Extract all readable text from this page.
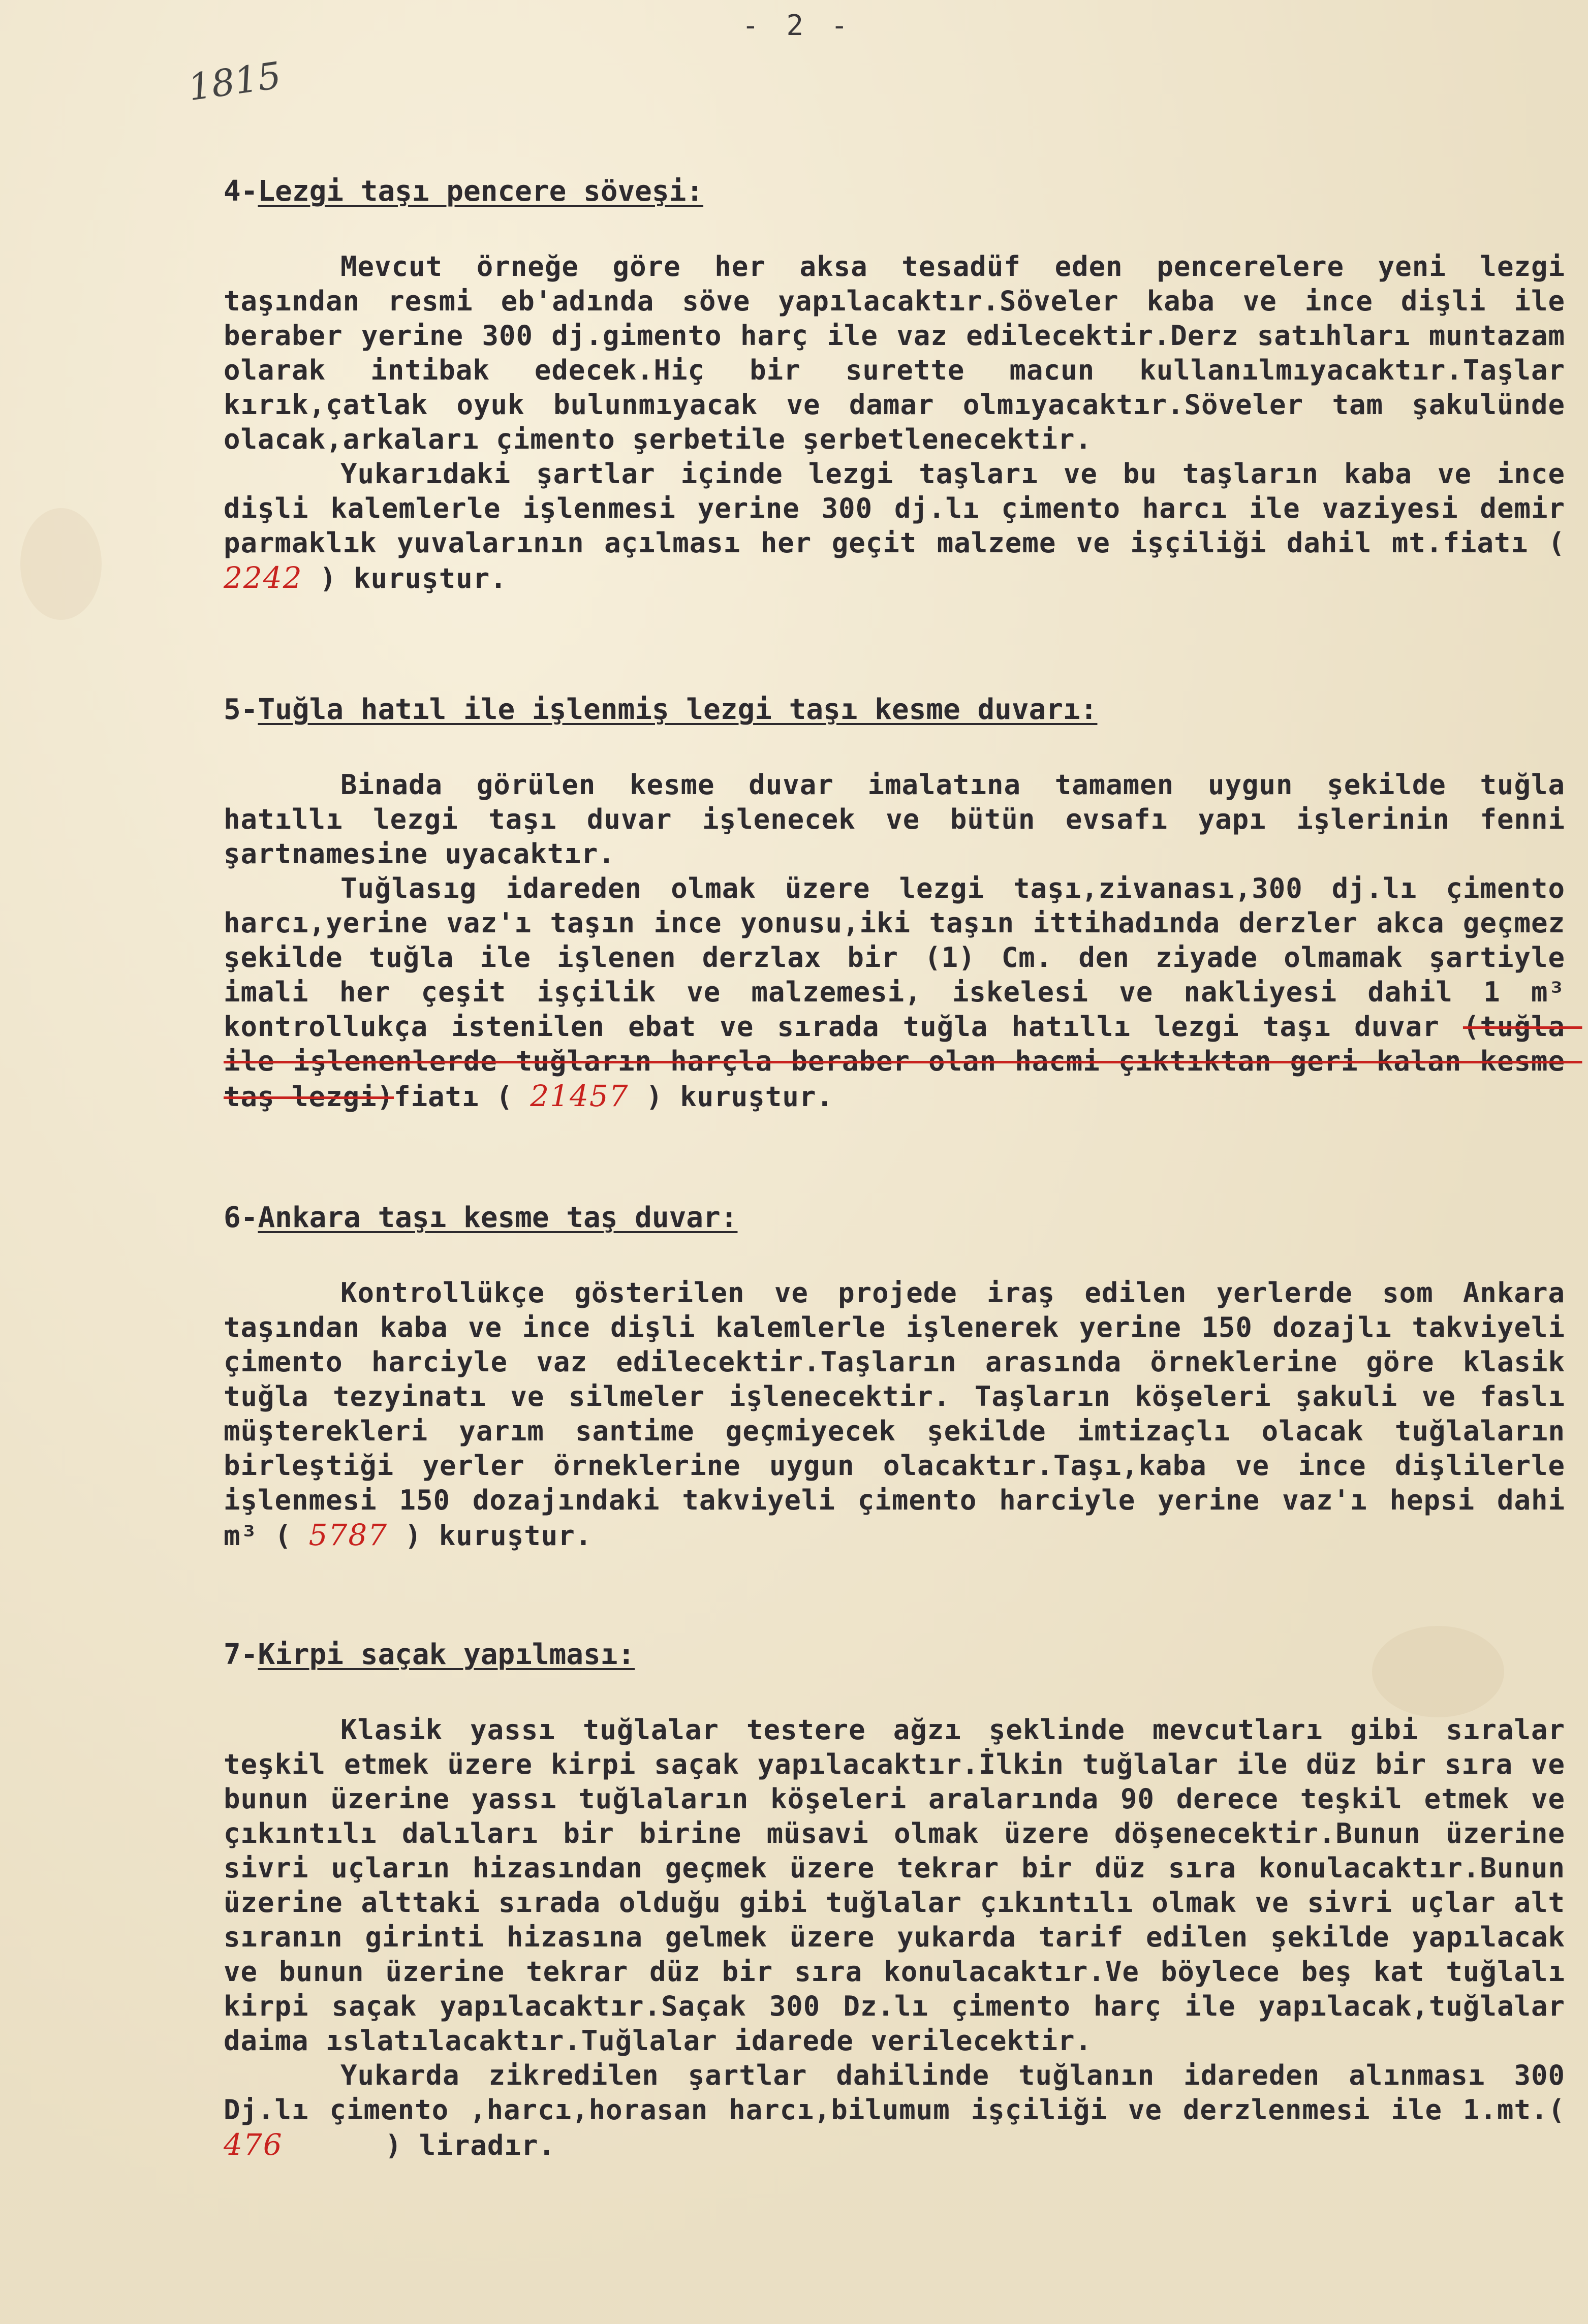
- 2 -
1815
4-Lezgi taşı pencere söveşi:

Mevcut örneğe göre her aksa tesadüf eden pencerelere yeni lezgi taşından resmi eb'adında söve yapılacaktır.Söveler kaba ve ince dişli ile beraber yerine 300 dj.gimento harç ile vaz edilecektir.Derz satıhları muntazam olarak intibak edecek.Hiç bir surette macun kullanılmıyacaktır.Taşlar kırık,çatlak oyuk bulunmıyacak ve damar olmıyacaktır.Söveler tam şakulünde olacak,arkaları çimento şerbetile şerbetlenecektir.

Yukarıdaki şartlar içinde lezgi taşları ve bu taşların kaba ve ince dişli kalemlerle işlenmesi yerine 300 dj.lı çimento harcı ile vaziyesi demir parmaklık yuvalarının açılması her geçit malzeme ve işçiliği dahil mt.fiatı ( 2242 ) kuruştur.

5-Tuğla hatıl ile işlenmiş lezgi taşı kesme duvarı:

Binada görülen kesme duvar imalatına tamamen uygun şekilde tuğla hatıllı lezgi taşı duvar işlenecek ve bütün evsafı yapı işlerinin fenni şartnamesine uyacaktır.

Tuğlasıg idareden olmak üzere lezgi taşı,zivanası,300 dj.lı çimento harcı,yerine vaz'ı taşın ince yonusu,iki taşın ittihadında derzler akca geçmez şekilde tuğla ile işlenen derzlax bir (1) Cm. den ziyade olmamak şartiyle imali her çeşit işçilik ve malzemesi, iskelesi ve nakliyesi dahil 1 m³ kontrollukça istenilen ebat ve sırada tuğla hatıllı lezgi taşı duvar (tuğla ile işlenenlerde tuğların harçla beraber olan hacmi çıktıktan geri kalan kesme taş lezgi)fiatı ( 21457 ) kuruştur.

6-Ankara taşı kesme taş duvar:

Kontrollükçe gösterilen ve projede iraş edilen yerlerde som Ankara taşından kaba ve ince dişli kalemlerle işlenerek yerine 150 dozajlı takviyeli çimento harciyle vaz edilecektir.Taşların arasında örneklerine göre klasik tuğla tezyinatı ve silmeler işlenecektir. Taşların köşeleri şakuli ve faslı müşterekleri yarım santime geçmiyecek şekilde imtizaçlı olacak tuğlaların birleştiği yerler örneklerine uygun olacaktır.Taşı,kaba ve ince dişlilerle işlenmesi 150 dozajındaki takviyeli çimento harciyle yerine vaz'ı hepsi dahi m³ ( 5787 ) kuruştur.

7-Kirpi saçak yapılması:

Klasik yassı tuğlalar testere ağzı şeklinde mevcutları gibi sıralar teşkil etmek üzere kirpi saçak yapılacaktır.İlkin tuğlalar ile düz bir sıra ve bunun üzerine yassı tuğlaların köşeleri aralarında 90 derece teşkil etmek ve çıkıntılı dalıları bir birine müsavi olmak üzere döşenecektir.Bunun üzerine sivri uçların hizasından geçmek üzere tekrar bir düz sıra konulacaktır.Bunun üzerine alttaki sırada olduğu gibi tuğlalar çıkıntılı olmak ve sivri uçlar alt sıranın girinti hizasına gelmek üzere yukarda tarif edilen şekilde yapılacak ve bunun üzerine tekrar düz bir sıra konulacaktır.Ve böylece beş kat tuğlalı kirpi saçak yapılacaktır.Saçak 300 Dz.lı çimento harç ile yapılacak,tuğlalar daima ıslatılacaktır.Tuğlalar idarede verilecektir.

Yukarda zikredilen şartlar dahilinde tuğlanın idareden alınması 300 Dj.lı çimento ,harcı,horasan harcı,bilumum işçiliği ve derzlenmesi ile 1.mt.( 476      ) liradır.
